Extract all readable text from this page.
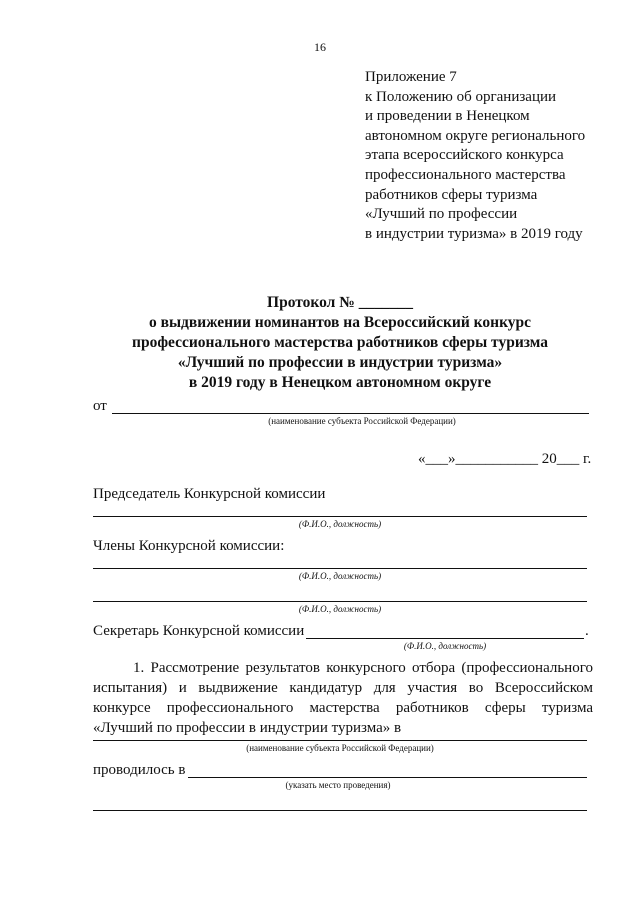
16
Приложение 7
к Положению об организации
и проведении в Ненецком
автономном округе регионального
этапа всероссийского конкурса
профессионального мастерства
работников сферы туризма
«Лучший по профессии
в индустрии туризма» в 2019 году
Протокол № _______
о выдвижении номинантов на Всероссийский конкурс
профессионального мастерства работников сферы туризма
«Лучший по профессии в индустрии туризма»
в 2019 году в Ненецком автономном округе
от
(наименование субъекта Российской Федерации)
«___»___________ 20___ г.
Председатель Конкурсной комиссии
(Ф.И.О., должность)
Члены Конкурсной комиссии:
(Ф.И.О., должность)
(Ф.И.О., должность)
Секретарь Конкурсной комиссии	.
(Ф.И.О., должность)
1. Рассмотрение результатов конкурсного отбора (профессионального
испытания) и выдвижение кандидатур для участия во Всероссийском
конкурсе профессионального мастерства работников сферы туризма
«Лучший по профессии в индустрии туризма» в
(наименование субъекта Российской Федерации)
проводилось в
(указать место проведения)
